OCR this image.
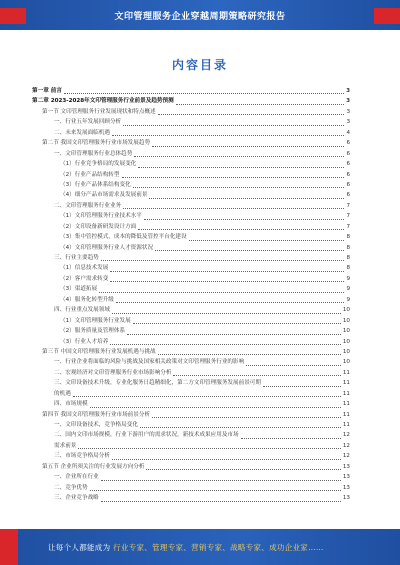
文印管理服务企业穿越周期策略研究报告
内容目录
第一章 前言	3
第二章 2023-2028年文印管理服务行业前景及趋势预测	3
第一节 文印管理服务行业发展现状和特点概述	3
一、行业五年发展回顾分析	3
二、未来发展面临机遇	4
第二节 我国文印管理服务行业市场发展趋势	6
一、文印管理服务行业总体趋势	6
（1）行业竞争格局的发展变化	6
（2）行业产品结构转型	6
（3）行业产品体系结构变化	6
（4）细分产品市场需求及发展前景	6
二、文印管理服务行业业务	7
（1）文印管理服务行业技术水平	7
（2）文印设备新研发设计方面	7
（3）集中管控模式，成本的降低及管控平台化建设	8
（4）文印管理服务行业人才资源状况	8
三、行业主要趋势	8
（1）信息技术发展	8
（2）客户需求转变	9
（3）渠道拓展	9
（4）服务化转型升级	9
四、行业重点发展领域	10
（1）文印管理服务行业发展	10
（2）服务质量及管理体系	10
（3）行业人才培养	10
第三节 中国文印管理服务行业发展机遇与挑战	10
一、行业企业将面临的风险与挑战及国家相关政策对文印管理服务行业的影响	10
二、宏观经济对文印管理服务行业市场影响分析	11
三、文印设备技术升级，专业化服务日趋精细化，第二方文印管理服务发展前景可期	11
的机遇	11
四、市场规模	11
第四节 我国文印管理服务行业市场前景分析	11
一、文印设备技术，竞争格局变化	11
二、国内文印市场规模，行业下游用户的需求状况，新技术成果应用及市场	12
需求前景	12
三、市场竞争格局分析	12
第五节 企业所须关注的行业发展方向分析	13
一、企业所在行业	13
二、竞争优势	13
三、企业竞争战略	13
让每个人都能成为 行业专家、管理专家、营销专家、战略专家、成功企业家……
